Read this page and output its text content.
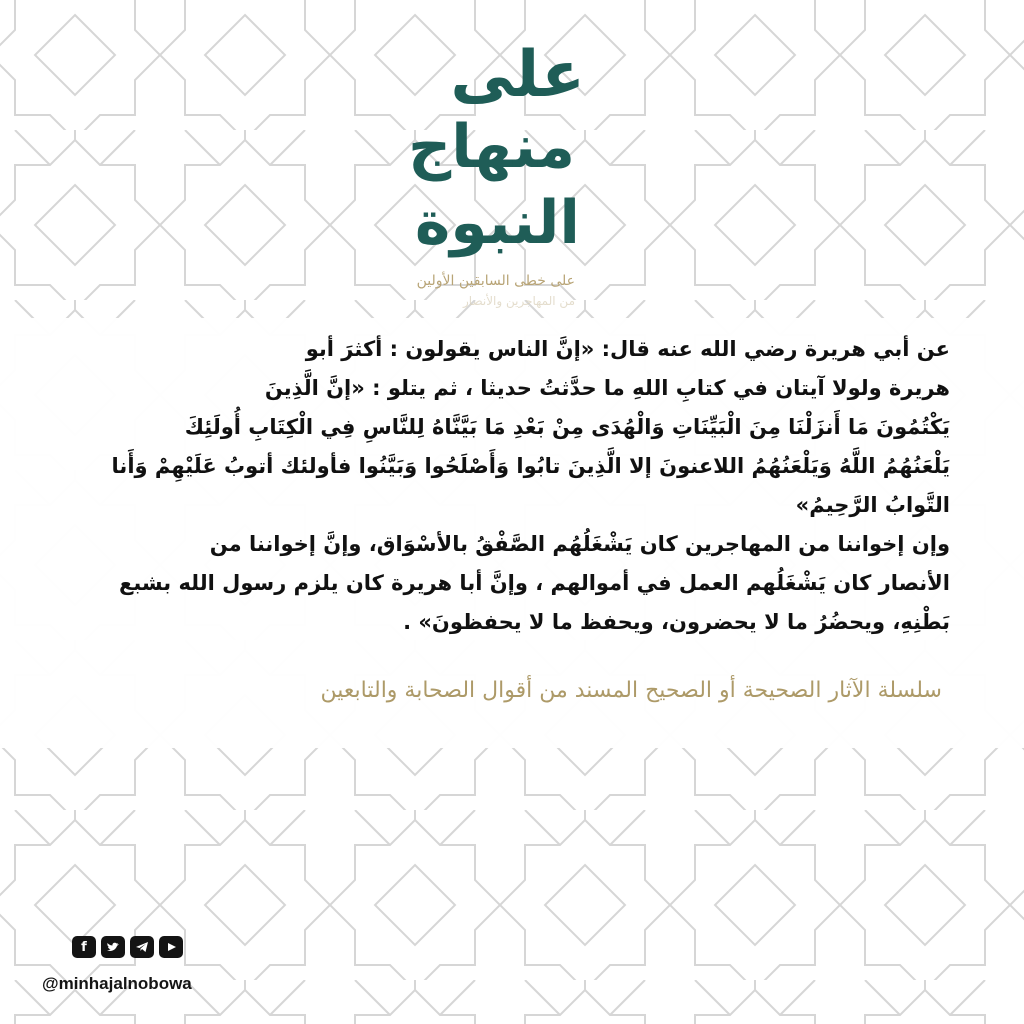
على
منهاج
النبوة
على خطى السابقين الأولين
من المهاجرين والأنصار

عن أبي هريرة رضي الله عنه قال: «إنَّ الناس يقولون : أكثرَ أبو

هريرة ولولا آيتان في كتابِ اللهِ ما حدَّثتُ حديثا ، ثم يتلو : «إنَّ الَّذِينَ

يَكْتُمُونَ مَا أَنزَلْنَا مِنَ الْبَيِّنَاتِ وَالْهُدَى مِنْ بَعْدِ مَا بَيَّنَّاهُ لِلنَّاسِ فِي الْكِتَابِ أُولَئِكَ

يَلْعَنُهُمُ اللَّهُ وَيَلْعَنُهُمُ اللاعنونَ إلا الَّذِينَ تابُوا وَأَصْلَحُوا وَبَيَّنُوا فأولئك أتوبُ عَلَيْهِمْ وَأَنا

التَّوابُ الرَّحِيمُ»

وإن إخواننا من المهاجرين كان يَشْغَلُهُم الصَّفْقُ بالأسْوَاق، وإنَّ إخواننا من

الأنصار كان يَشْغَلُهم العمل في أموالهم ، وإنَّ أبا هريرة كان يلزم رسول الله بشبع

بَطْنِهِ، ويحضُرُ ما لا يحضرون، ويحفظ ما لا يحفظونَ» .

سلسلة الآثار الصحيحة أو الصحيح المسند من أقوال الصحابة والتابعين
f
@minhajalnobowa
